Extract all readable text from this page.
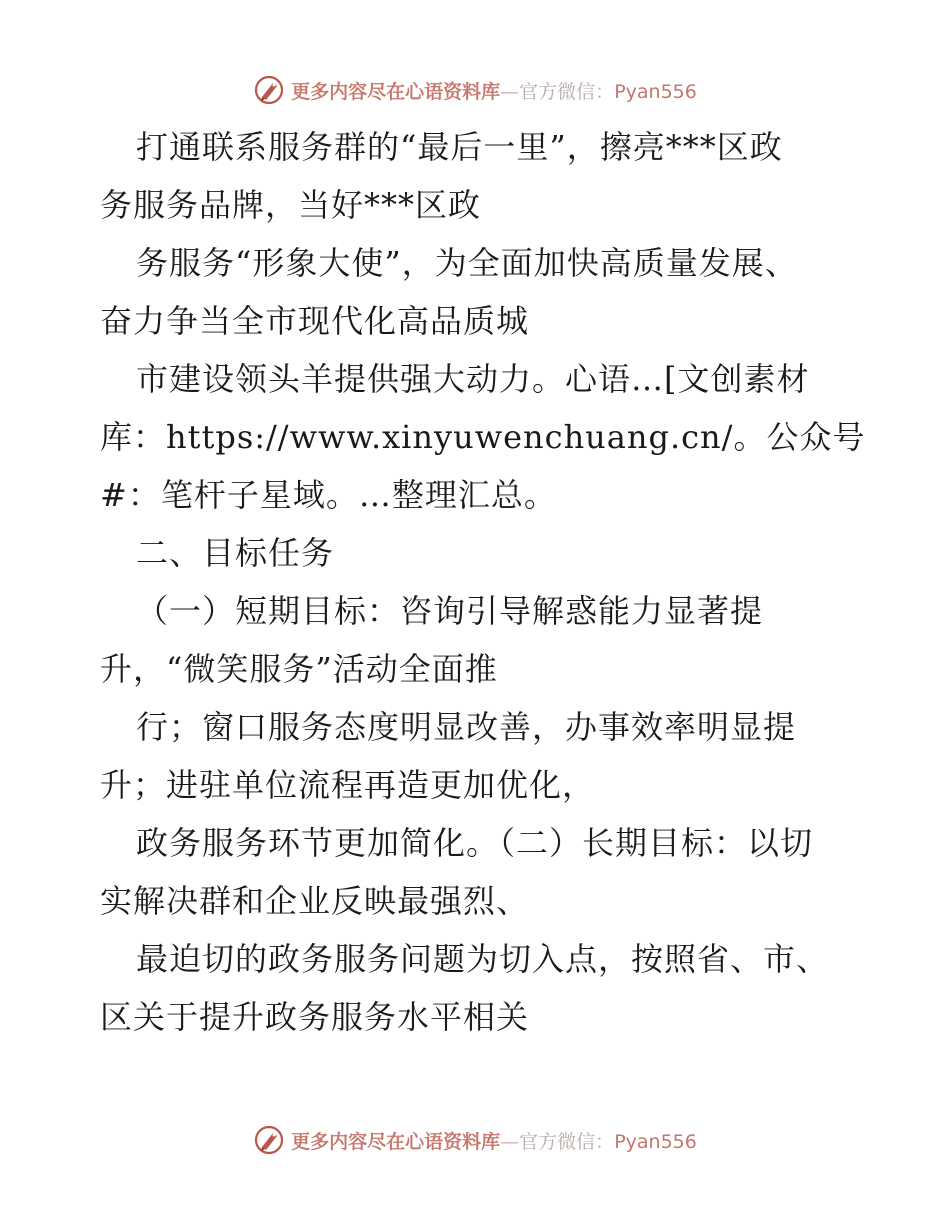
更多内容尽在心语资料库—官方微信：Pyan556
打通联系服务群的“最后一里”，擦亮***区政
务服务品牌，当好***区政
务服务“形象大使”，为全面加快高质量发展、
奋力争当全市现代化高品质城
市建设领头羊提供强大动力。心语…[文创素材
库：https://www.xinyuwenchuang.cn/。公众号
#：笔杆子星域。…整理汇总。
二、目标任务
（一）短期目标：咨询引导解惑能力显著提
升，“微笑服务”活动全面推
行；窗口服务态度明显改善，办事效率明显提
升；进驻单位流程再造更加优化，
政务服务环节更加简化。（二）长期目标：以切
实解决群和企业反映最强烈、
最迫切的政务服务问题为切入点，按照省、市、
区关于提升政务服务水平相关
更多内容尽在心语资料库—官方微信：Pyan556
